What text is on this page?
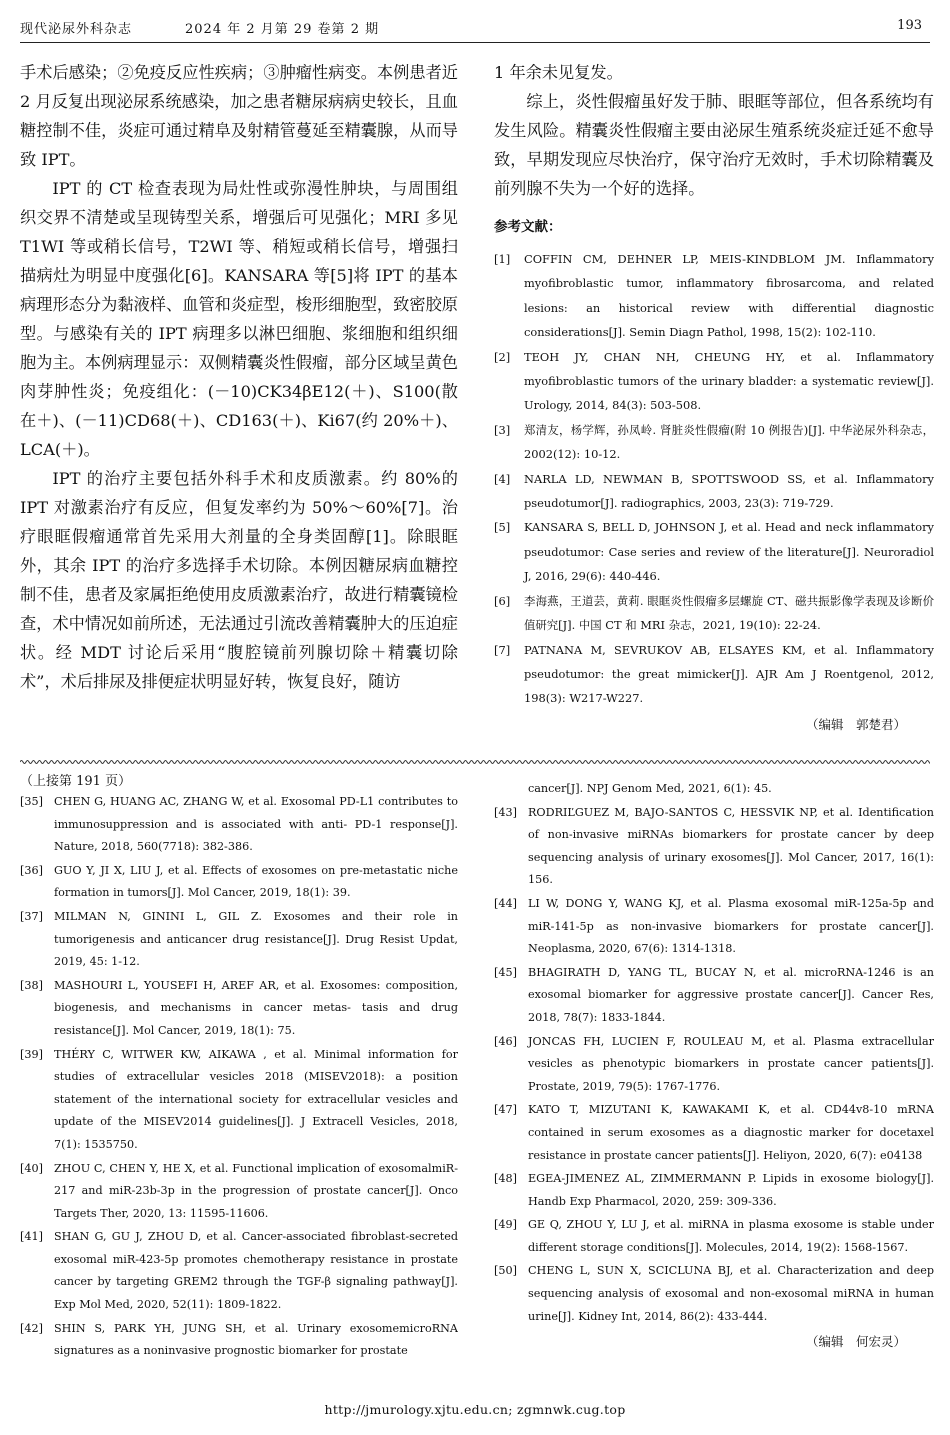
现代泌尿外科杂志	2024 年 2 月第 29 卷第 2 期	193

手术后感染；②免疫反应性疾病；③肿瘤性病变。本例患者近 2 月反复出现泌尿系统感染，加之患者糖尿病病史较长，且血糖控制不佳，炎症可通过精阜及射精管蔓延至精囊腺，从而导致 IPT。

IPT 的 CT 检查表现为局灶性或弥漫性肿块，与周围组织交界不清楚或呈现铸型关系，增强后可见强化；MRI 多见 T1WI 等或稍长信号，T2WI 等、稍短或稍长信号，增强扫描病灶为明显中度强化[6]。KANSARA 等[5]将 IPT 的基本病理形态分为黏液样、血管和炎症型，梭形细胞型，致密胶原型。与感染有关的 IPT 病理多以淋巴细胞、浆细胞和组织细胞为主。本例病理显示：双侧精囊炎性假瘤，部分区域呈黄色肉芽肿性炎；免疫组化：(－10)CK34βE12(＋)、S100(散在＋)、(－11)CD68(＋)、CD163(＋)、Ki67(约 20%＋)、LCA(＋)。

IPT 的治疗主要包括外科手术和皮质激素。约 80%的 IPT 对激素治疗有反应，但复发率约为 50%～60%[7]。治疗眼眶假瘤通常首先采用大剂量的全身类固醇[1]。除眼眶外，其余 IPT 的治疗多选择手术切除。本例因糖尿病血糖控制不佳，患者及家属拒绝使用皮质激素治疗，故进行精囊镜检查，术中情况如前所述，无法通过引流改善精囊肿大的压迫症状。经 MDT 讨论后采用“腹腔镜前列腺切除＋精囊切除术”，术后排尿及排便症状明显好转，恢复良好，随访

1 年余未见复发。

综上，炎性假瘤虽好发于肺、眼眶等部位，但各系统均有发生风险。精囊炎性假瘤主要由泌尿生殖系统炎症迁延不愈导致，早期发现应尽快治疗，保守治疗无效时，手术切除精囊及前列腺不失为一个好的选择。

参考文献：
[1] COFFIN CM, DEHNER LP, MEIS-KINDBLOM JM. Inflammatory myofibroblastic tumor, inflammatory fibrosarcoma, and related lesions: an historical review with differential diagnostic considerations[J]. Semin Diagn Pathol, 1998, 15(2): 102-110.
[2] TEOH JY, CHAN NH, CHEUNG HY, et al. Inflammatory myofibroblastic tumors of the urinary bladder: a systematic review[J]. Urology, 2014, 84(3): 503-508.
[3] 郑清友，杨学辉，孙凤岭. 肾脏炎性假瘤(附 10 例报告)[J]. 中华泌尿外科杂志，2002(12): 10-12.
[4] NARLA LD, NEWMAN B, SPOTTSWOOD SS, et al. Inflammatory pseudotumor[J]. radiographics, 2003, 23(3): 719-729.
[5] KANSARA S, BELL D, JOHNSON J, et al. Head and neck inflammatory pseudotumor: Case series and review of the literature[J]. Neuroradiol J, 2016, 29(6): 440-446.
[6] 李海燕，王道芸，黄莉. 眼眶炎性假瘤多层螺旋 CT、磁共振影像学表现及诊断价值研究[J]. 中国 CT 和 MRI 杂志，2021, 19(10): 22-24.
[7] PATNANA M, SEVRUKOV AB, ELSAYES KM, et al. Inflammatory pseudotumor: the great mimicker[J]. AJR Am J Roentgenol, 2012, 198(3): W217-W227.
（编辑　郭楚君）
（上接第 191 页）
[35] CHEN G, HUANG AC, ZHANG W, et al. Exosomal PD-L1 contributes to immunosuppression and is associated with anti- PD-1 response[J]. Nature, 2018, 560(7718): 382-386.
[36] GUO Y, JI X, LIU J, et al. Effects of exosomes on pre-metastatic niche formation in tumors[J]. Mol Cancer, 2019, 18(1): 39.
[37] MILMAN N, GININI L, GIL Z. Exosomes and their role in tumorigenesis and anticancer drug resistance[J]. Drug Resist Updat, 2019, 45: 1-12.
[38] MASHOURI L, YOUSEFI H, AREF AR, et al. Exosomes: composition, biogenesis, and mechanisms in cancer metas- tasis and drug resistance[J]. Mol Cancer, 2019, 18(1): 75.
[39] THÉRY C, WITWER KW, AIKAWA , et al. Minimal information for studies of extracellular vesicles 2018 (MISEV2018): a position statement of the international society for extracellular vesicles and update of the MISEV2014 guidelines[J]. J Extracell Vesicles, 2018, 7(1): 1535750.
[40] ZHOU C, CHEN Y, HE X, et al. Functional implication of exosomalmiR-217 and miR-23b-3p in the progression of prostate cancer[J]. Onco Targets Ther, 2020, 13: 11595-11606.
[41] SHAN G, GU J, ZHOU D, et al. Cancer-associated fibroblast-secreted exosomal miR-423-5p promotes chemotherapy resistance in prostate cancer by targeting GREM2 through the TGF-β signaling pathway[J]. Exp Mol Med, 2020, 52(11): 1809-1822.
[42] SHIN S, PARK YH, JUNG SH, et al. Urinary exosomemicroRNA signatures as a noninvasive prognostic biomarker for prostate
cancer[J]. NPJ Genom Med, 2021, 6(1): 45.
[43] RODRIĽGUEZ M, BAJO-SANTOS C, HESSVIK NP, et al. Identification of non-invasive miRNAs biomarkers for prostate cancer by deep sequencing analysis of urinary exosomes[J]. Mol Cancer, 2017, 16(1): 156.
[44] LI W, DONG Y, WANG KJ, et al. Plasma exosomal miR-125a-5p and miR-141-5p as non-invasive biomarkers for prostate cancer[J]. Neoplasma, 2020, 67(6): 1314-1318.
[45] BHAGIRATH D, YANG TL, BUCAY N, et al. microRNA-1246 is an exosomal biomarker for aggressive prostate cancer[J]. Cancer Res, 2018, 78(7): 1833-1844.
[46] JONCAS FH, LUCIEN F, ROULEAU M, et al. Plasma extracellular vesicles as phenotypic biomarkers in prostate cancer patients[J]. Prostate, 2019, 79(5): 1767-1776.
[47] KATO T, MIZUTANI K, KAWAKAMI K, et al. CD44v8-10 mRNA contained in serum exosomes as a diagnostic marker for docetaxel resistance in prostate cancer patients[J]. Heliyon, 2020, 6(7): e04138
[48] EGEA-JIMENEZ AL, ZIMMERMANN P. Lipids in exosome biology[J]. Handb Exp Pharmacol, 2020, 259: 309-336.
[49] GE Q, ZHOU Y, LU J, et al. miRNA in plasma exosome is stable under different storage conditions[J]. Molecules, 2014, 19(2): 1568-1567.
[50] CHENG L, SUN X, SCICLUNA BJ, et al. Characterization and deep sequencing analysis of exosomal and non-exosomal miRNA in human urine[J]. Kidney Int, 2014, 86(2): 433-444.
（编辑　何宏灵）
http://jmurology.xjtu.edu.cn; zgmnwk.cug.top
